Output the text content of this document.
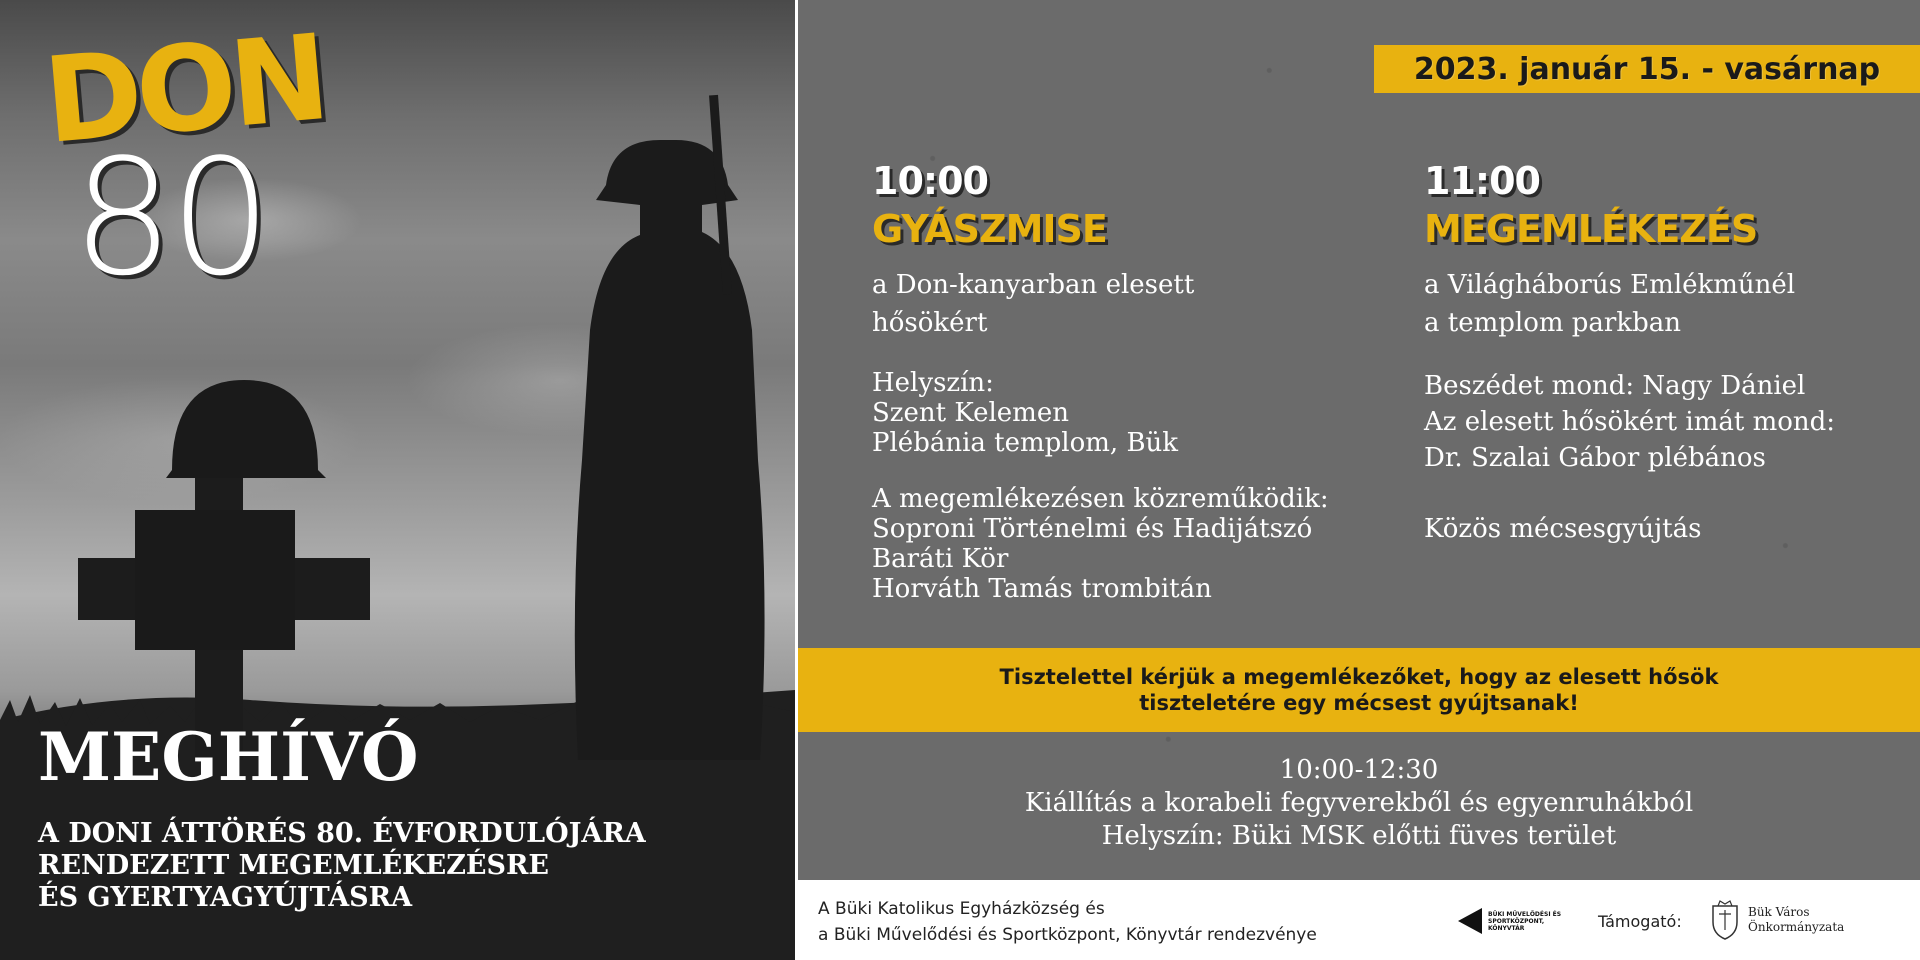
DON
80
MEGHÍVÓ
A DONI ÁTTÖRÉS 80. ÉVFORDULÓJÁRA
RENDEZETT MEGEMLÉKEZÉSRE
ÉS GYERTYAGYÚJTÁSRA
2023. január 15. - vasárnap
10:00
GYÁSZMISE
a Don-kanyarban elesett
hősökért
Helyszín:
Szent Kelemen
Plébánia templom, Bük
A megemlékezésen közreműködik:
Soproni Történelmi és Hadijátszó
Baráti Kör
Horváth Tamás trombitán
11:00
MEGEMLÉKEZÉS
a Világháborús Emlékműnél
a templom parkban
Beszédet mond: Nagy Dániel
Az elesett hősökért imát mond:
Dr. Szalai Gábor plébános
Közös mécsesgyújtás
Tisztelettel kérjük a megemlékezőket, hogy az elesett hősök
tiszteletére egy mécsest gyújtsanak!
10:00-12:30
Kiállítás a korabeli fegyverekből és egyenruhákból
Helyszín: Büki MSK előtti füves terület
A Büki Katolikus Egyházközség és
a Büki Művelődési és Sportközpont, Könyvtár rendezvénye
BÜKI MŰVELŐDÉSI ÉS
SPORTKÖZPONT,
KÖNYVTÁR	Támogató:	Bük Város
Önkormányzata
